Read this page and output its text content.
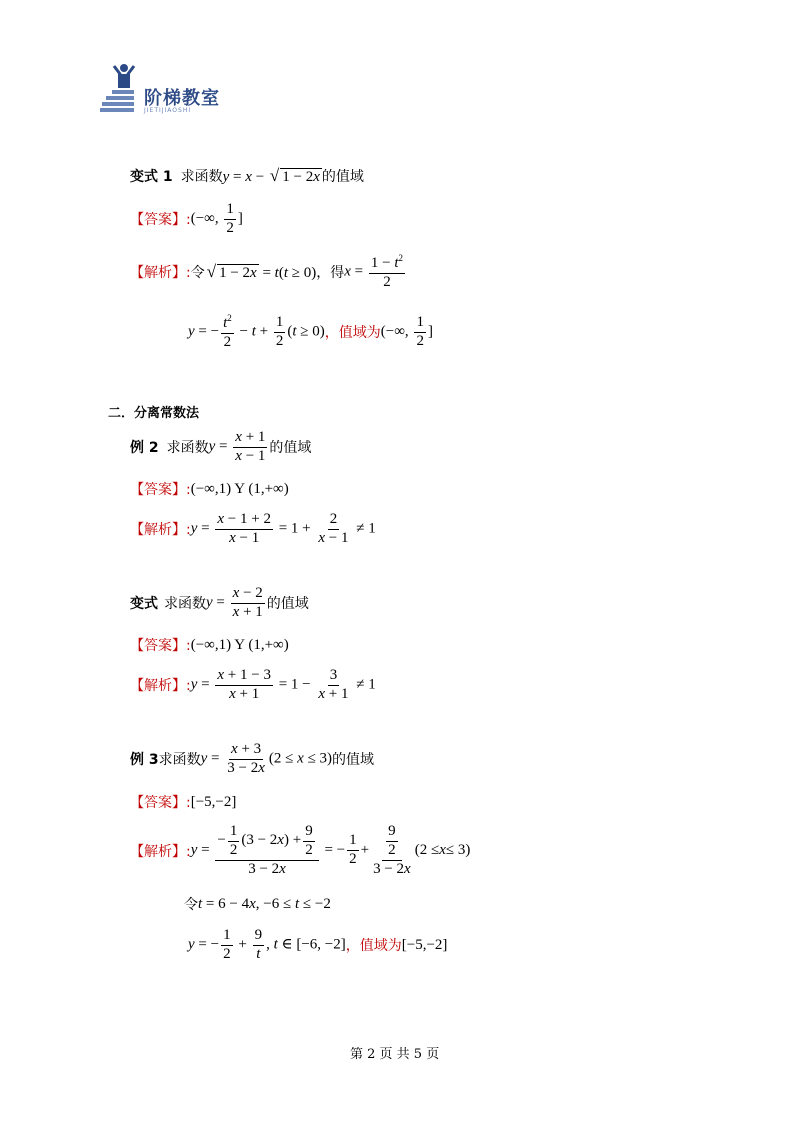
阶梯教室
JIETIJIAOSHI
变式 1 求函数 y = x − √ 1 − 2x 的值域
【答案】: (−∞, $\frac{1}{2}$ ]
【解析】: 令 √ 1 − 2x = t(t ≥ 0) ，得 $x = \frac{1 - t^2}{2}$
y = − $\frac{t^2}{2} - t + \frac{1}{2} (t \ge 0)$ ，值域为 (−∞, $\frac{1}{2}$ ]
二．分离常数法
例 2 求函数 $y = \frac{x + 1}{x - 1}$ 的值域
【答案】: (−∞,1) Υ (1,+∞)
【解析】: $y = \frac{x - 1 + 2}{x - 1} = 1 + \frac{2}{x - 1} \ne 1$
变式 求函数 $y = \frac{x - 2}{x + 1}$ 的值域
【答案】: (−∞,1) Υ (1,+∞)
【解析】: $y = \frac{x + 1 - 3}{x + 1} = 1 - \frac{3}{x + 1} \ne 1$
例 3 求函数 $y = \frac{x + 3}{3 - 2x} (2 \le x \le 3)$ 的值域
【答案】: [−5,−2]
【解析】: $y = \frac{- \frac{1}{2} (3 - 2 x ) + \frac{9}{2}}{3 - 2x}$ = − $\frac{1}{2} + \frac{\frac{9}{2}}{3 - 2x} (2 \le x \le 3)$
令 t = 6 − 4x, −6 ≤ t ≤ −2
y = − $\frac{1}{2} + \frac{9}{t}$ , t ∈ [−6, −2] ，值域为 [−5,−2]
第 2 页 共 5 页
